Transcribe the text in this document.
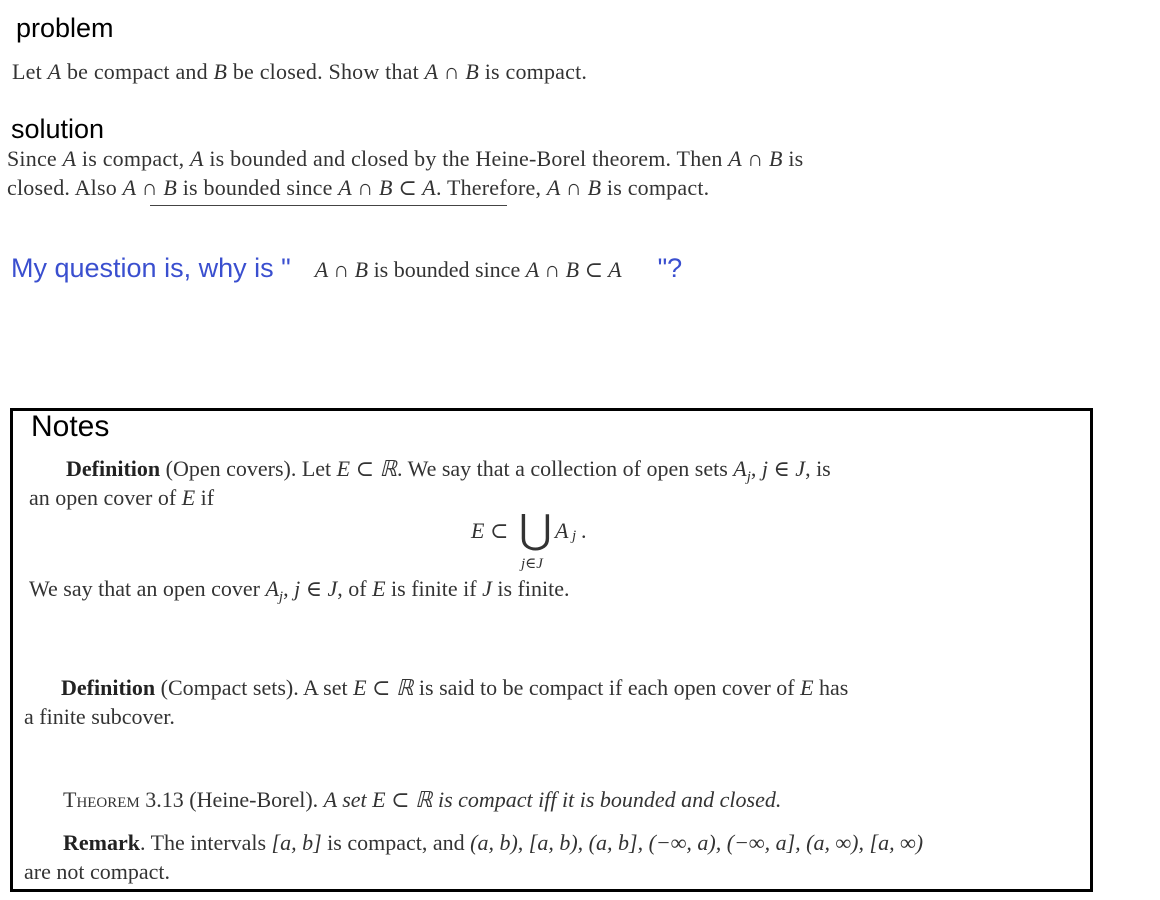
problem
Let A be compact and B be closed. Show that A ∩ B is compact.
solution
Since A is compact, A is bounded and closed by the Heine-Borel theorem. Then A ∩ B is
closed. Also A ∩ B is bounded since A ∩ B ⊂ A. Therefore, A ∩ B is compact.
My question is, why is " A ∩ B is bounded since A ∩ B ⊂ A "?
Notes
Definition (Open covers). Let E ⊂ ℝ. We say that a collection of open sets $A_j$, j ∈ J, is
an open cover of E if
E ⊂ ⋃ A j .
j∈J
We say that an open cover $A_j$, j ∈ J, of E is finite if J is finite.
Definition (Compact sets). A set E ⊂ ℝ is said to be compact if each open cover of E has
a finite subcover.
Theorem 3.13 (Heine-Borel). A set E ⊂ ℝ is compact iff it is bounded and closed.
Remark. The intervals [a, b] is compact, and (a, b), [a, b), (a, b], (−∞, a), (−∞, a], (a, ∞), [a, ∞)
are not compact.
